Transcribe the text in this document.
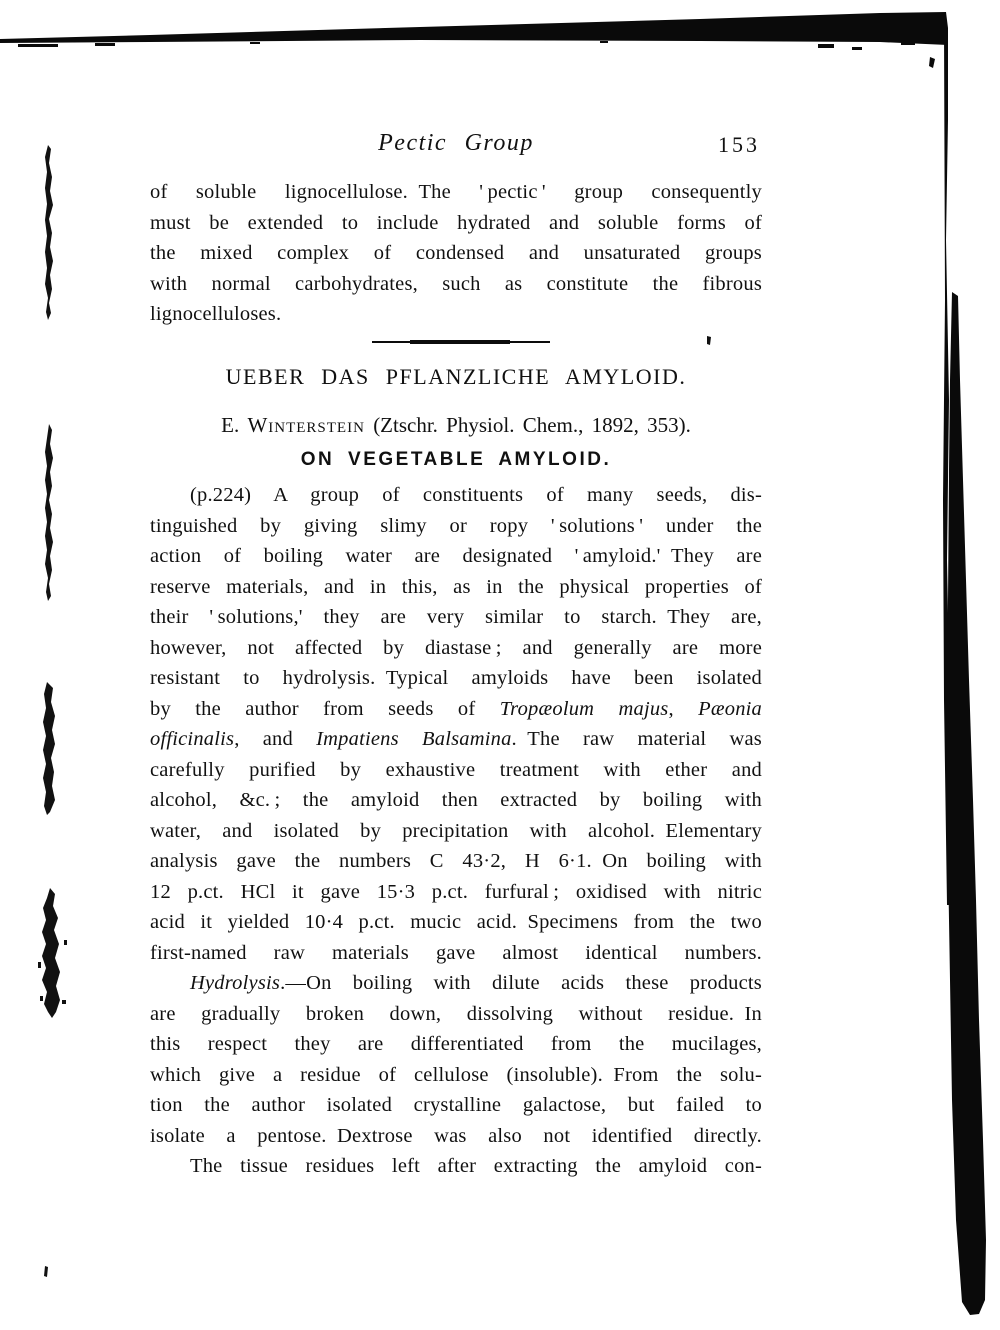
Pectic Group	153
of soluble lignocellulose. The ' pectic ' group consequently
must be extended to include hydrated and soluble forms of
the mixed complex of condensed and unsaturated groups
with normal carbohydrates, such as constitute the fibrous
lignocelluloses.
UEBER DAS PFLANZLICHE AMYLOID.
E. Winterstein (Ztschr. Physiol. Chem., 1892, 353).
ON VEGETABLE AMYLOID.
(p.224) A group of constituents of many seeds, dis-
tinguished by giving slimy or ropy ' solutions ' under the
action of boiling water are designated ' amyloid.' They are
reserve materials, and in this, as in the physical properties of
their ' solutions,' they are very similar to starch. They are,
however, not affected by diastase ; and generally are more
resistant to hydrolysis. Typical amyloids have been isolated
by the author from seeds of Tropæolum majus, Pæonia
officinalis, and Impatiens Balsamina. The raw material was
carefully purified by exhaustive treatment with ether and
alcohol, &c. ; the amyloid then extracted by boiling with
water, and isolated by precipitation with alcohol. Elementary
analysis gave the numbers C 43·2, H 6·1. On boiling with
12 p.ct. HCl it gave 15·3 p.ct. furfural ; oxidised with nitric
acid it yielded 10·4 p.ct. mucic acid. Specimens from the two
first-named raw materials gave almost identical numbers.
Hydrolysis.—On boiling with dilute acids these products
are gradually broken down, dissolving without residue. In
this respect they are differentiated from the mucilages,
which give a residue of cellulose (insoluble). From the solu-
tion the author isolated crystalline galactose, but failed to
isolate a pentose. Dextrose was also not identified directly.
The tissue residues left after extracting the amyloid con-
